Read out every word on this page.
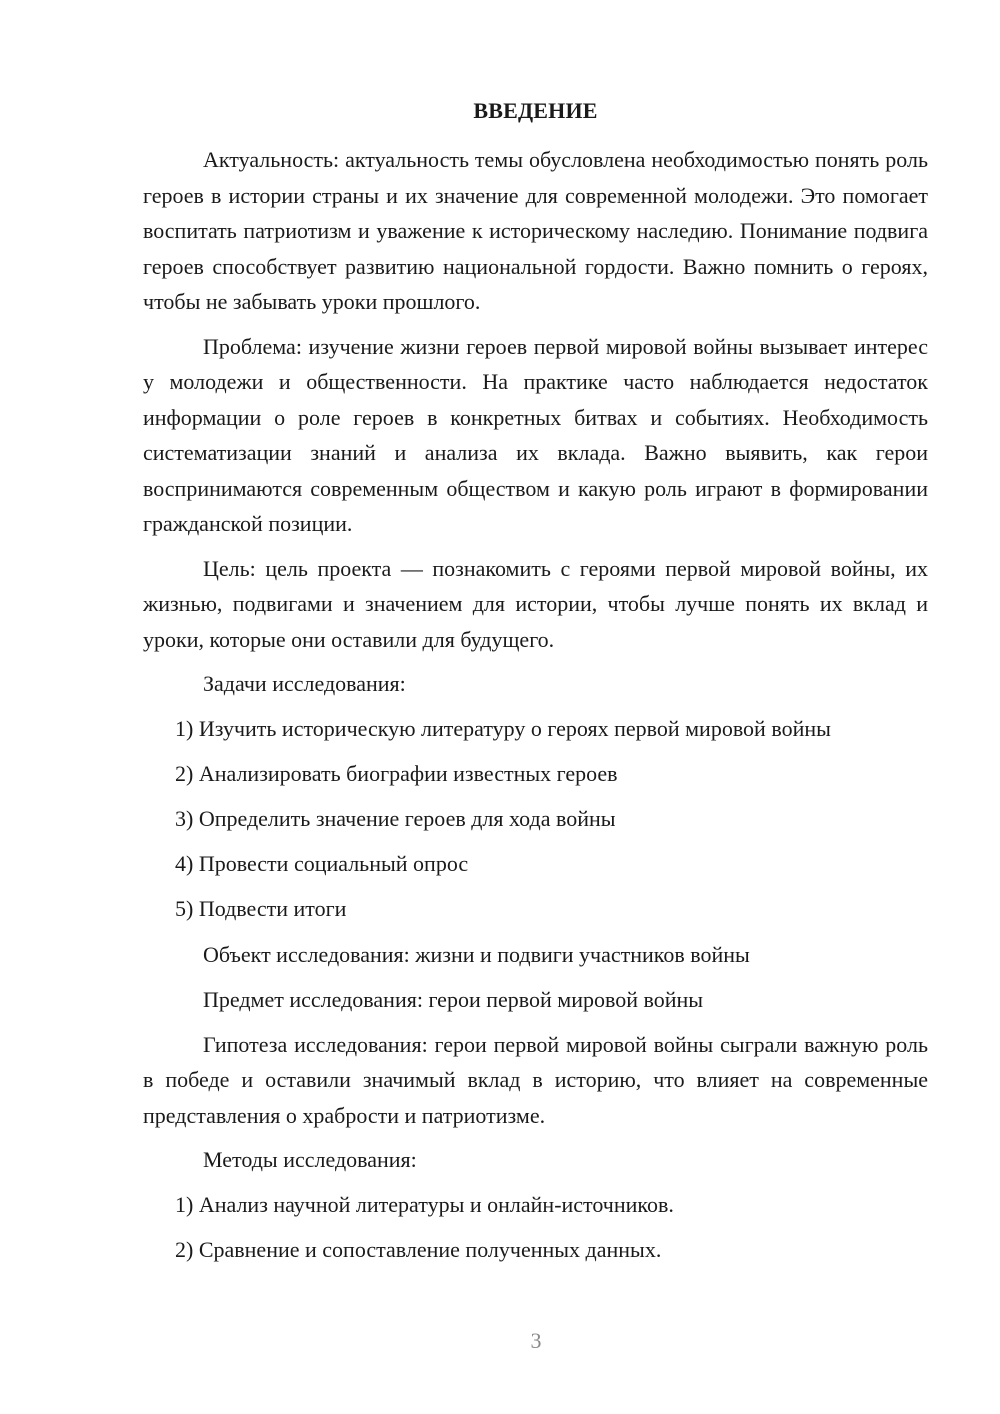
ВВЕДЕНИЕ

Актуальность: актуальность темы обусловлена необходимостью понять роль героев в истории страны и их значение для современной молодежи. Это помогает воспитать патриотизм и уважение к историческому наследию. Понимание подвига героев способствует развитию национальной гордости. Важно помнить о героях, чтобы не забывать уроки прошлого.

Проблема: изучение жизни героев первой мировой войны вызывает интерес у молодежи и общественности. На практике часто наблюдается недостаток информации о роле героев в конкретных битвах и событиях. Необходимость систематизации знаний и анализа их вклада. Важно выявить, как герои воспринимаются современным обществом и какую роль играют в формировании гражданской позиции.

Цель: цель проекта — познакомить с героями первой мировой войны, их жизнью, подвигами и значением для истории, чтобы лучше понять их вклад и уроки, которые они оставили для будущего.

Задачи исследования:
1) Изучить историческую литературу о героях первой мировой войны
2) Анализировать биографии известных героев
3) Определить значение героев для хода войны
4) Провести социальный опрос
5) Подвести итоги
Объект исследования: жизни и подвиги участников войны
Предмет исследования: герои первой мировой войны

Гипотеза исследования: герои первой мировой войны сыграли важную роль в победе и оставили значимый вклад в историю, что влияет на современные представления о храбрости и патриотизме.

Методы исследования:
1) Анализ научной литературы и онлайн-источников.
2) Сравнение и сопоставление полученных данных.
3
